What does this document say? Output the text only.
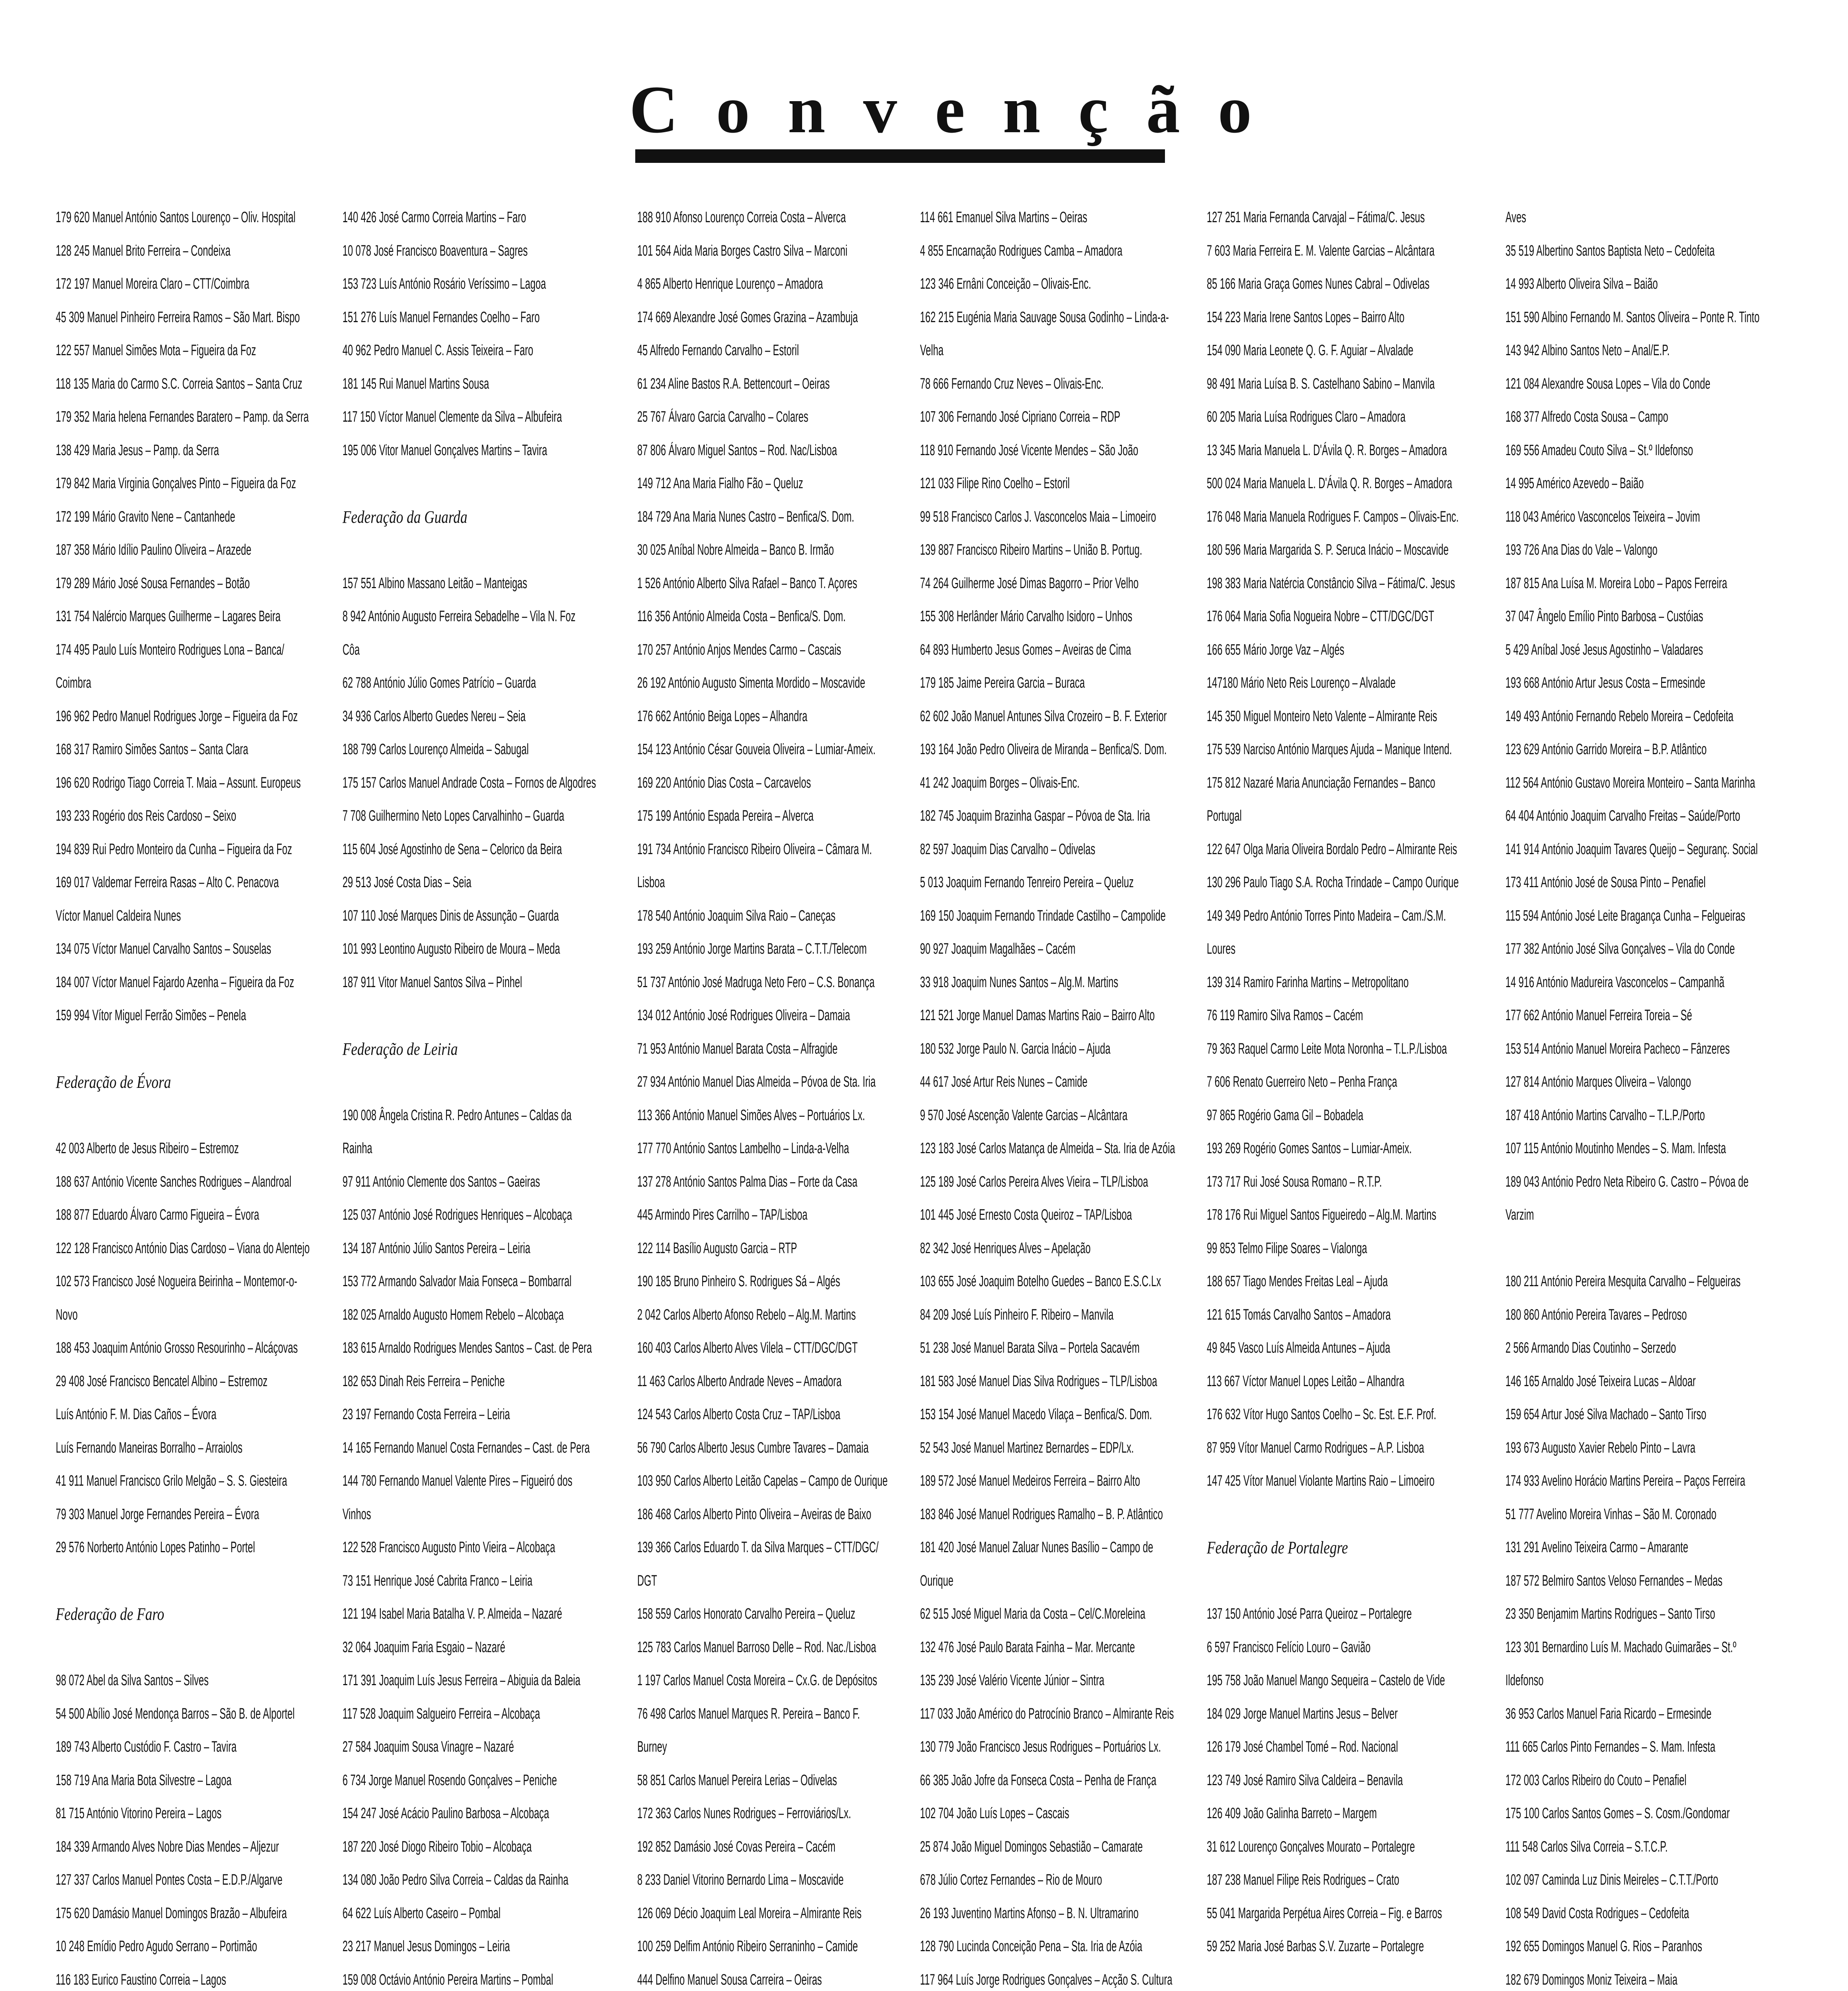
Convenção
179 620 Manuel António Santos Lourenço – Oliv. Hospital
128 245 Manuel Brito Ferreira – Condeixa
172 197 Manuel Moreira Claro – CTT/Coimbra
45 309 Manuel Pinheiro Ferreira Ramos – São Mart. Bispo
122 557 Manuel Simões Mota – Figueira da Foz
118 135 Maria do Carmo S.C. Correia Santos – Santa Cruz
179 352 Maria helena Fernandes Baratero – Pamp. da Serra
138 429 Maria Jesus – Pamp. da Serra
179 842 Maria Virginia Gonçalves Pinto – Figueira da Foz
172 199 Mário Gravito Nene – Cantanhede
187 358 Mário Idílio Paulino Oliveira – Arazede
179 289 Mário José Sousa Fernandes – Botão
131 754 Nalércio Marques Guilherme – Lagares Beira
174 495 Paulo Luís Monteiro Rodrigues Lona – Banca/
Coimbra
196 962 Pedro Manuel Rodrigues Jorge – Figueira da Foz
168 317 Ramiro Simões Santos – Santa Clara
196 620 Rodrigo Tiago Correia T. Maia – Assunt. Europeus
193 233 Rogério dos Reis Cardoso – Seixo
194 839 Rui Pedro Monteiro da Cunha – Figueira da Foz
169 017 Valdemar Ferreira Rasas – Alto C. Penacova
Víctor Manuel Caldeira Nunes
134 075 Víctor Manuel Carvalho Santos – Souselas
184 007 Víctor Manuel Fajardo Azenha – Figueira da Foz
159 994 Vítor Miguel Ferrão Simões – Penela
Federação de Évora
42 003 Alberto de Jesus Ribeiro – Estremoz
188 637 António Vicente Sanches Rodrigues – Alandroal
188 877 Eduardo Álvaro Carmo Figueira – Évora
122 128 Francisco António Dias Cardoso – Viana do Alentejo
102 573 Francisco José Nogueira Beirinha – Montemor-o-
Novo
188 453 Joaquim António Grosso Resourinho – Alcáçovas
29 408 José Francisco Bencatel Albino – Estremoz
Luís António F. M. Dias Caños – Évora
Luís Fernando Maneiras Borralho – Arraiolos
41 911 Manuel Francisco Grilo Melgão – S. S. Giesteira
79 303 Manuel Jorge Fernandes Pereira – Évora
29 576 Norberto António Lopes Patinho – Portel
Federação de Faro
98 072 Abel da Silva Santos – Silves
54 500 Abílio José Mendonça Barros – São B. de Alportel
189 743 Alberto Custódio F. Castro – Tavira
158 719 Ana Maria Bota Silvestre – Lagoa
81 715 António Vitorino Pereira – Lagos
184 339 Armando Alves Nobre Dias Mendes – Aljezur
127 337 Carlos Manuel Pontes Costa – E.D.P./Algarve
175 620 Damásio Manuel Domingos Brazão – Albufeira
10 248 Emídio Pedro Agudo Serrano – Portimão
116 183 Eurico Faustino Correia – Lagos
140 426 José Carmo Correia Martins – Faro
10 078 José Francisco Boaventura – Sagres
153 723 Luís António Rosário Veríssimo – Lagoa
151 276 Luís Manuel Fernandes Coelho – Faro
40 962 Pedro Manuel C. Assis Teixeira – Faro
181 145 Rui Manuel Martins Sousa
117 150 Víctor Manuel Clemente da Silva – Albufeira
195 006 Vitor Manuel Gonçalves Martins – Tavira
Federação da Guarda
157 551 Albino Massano Leitão – Manteigas
8 942 António Augusto Ferreira Sebadelhe – Vila N. Foz
Côa
62 788 António Júlio Gomes Patrício – Guarda
34 936 Carlos Alberto Guedes Nereu – Seia
188 799 Carlos Lourenço Almeida – Sabugal
175 157 Carlos Manuel Andrade Costa – Fornos de Algodres
7 708 Guilhermino Neto Lopes Carvalhinho – Guarda
115 604 José Agostinho de Sena – Celorico da Beira
29 513 José Costa Dias – Seia
107 110 José Marques Dinis de Assunção – Guarda
101 993 Leontino Augusto Ribeiro de Moura – Meda
187 911 Vitor Manuel Santos Silva – Pinhel
Federação de Leiria
190 008 Ângela Cristina R. Pedro Antunes – Caldas da
Rainha
97 911 António Clemente dos Santos – Gaeiras
125 037 António José Rodrigues Henriques – Alcobaça
134 187 António Júlio Santos Pereira – Leiria
153 772 Armando Salvador Maia Fonseca – Bombarral
182 025 Arnaldo Augusto Homem Rebelo – Alcobaça
183 615 Arnaldo Rodrigues Mendes Santos – Cast. de Pera
182 653 Dinah Reis Ferreira – Peniche
23 197 Fernando Costa Ferreira – Leiria
14 165 Fernando Manuel Costa Fernandes – Cast. de Pera
144 780 Fernando Manuel Valente Pires – Figueiró dos
Vinhos
122 528 Francisco Augusto Pinto Vieira – Alcobaça
73 151 Henrique José Cabrita Franco – Leiria
121 194 Isabel Maria Batalha V. P. Almeida – Nazaré
32 064 Joaquim Faria Esgaio – Nazaré
171 391 Joaquim Luís Jesus Ferreira – Abiguia da Baleia
117 528 Joaquim Salgueiro Ferreira – Alcobaça
27 584 Joaquim Sousa Vinagre – Nazaré
6 734 Jorge Manuel Rosendo Gonçalves – Peniche
154 247 José Acácio Paulino Barbosa – Alcobaça
187 220 José Diogo Ribeiro Tobio – Alcobaça
134 080 João Pedro Silva Correia – Caldas da Rainha
64 622 Luís Alberto Caseiro – Pombal
23 217 Manuel Jesus Domingos – Leiria
159 008 Octávio António Pereira Martins – Pombal
188 910 Afonso Lourenço Correia Costa – Alverca
101 564 Aida Maria Borges Castro Silva – Marconi
4 865 Alberto Henrique Lourenço – Amadora
174 669 Alexandre José Gomes Grazina – Azambuja
45 Alfredo Fernando Carvalho – Estoril
61 234 Aline Bastos R.A. Bettencourt – Oeiras
25 767 Álvaro Garcia Carvalho – Colares
87 806 Álvaro Miguel Santos – Rod. Nac/Lisboa
149 712 Ana Maria Fialho Fão – Queluz
184 729 Ana Maria Nunes Castro – Benfica/S. Dom.
30 025 Aníbal Nobre Almeida – Banco B. Irmão
1 526 António Alberto Silva Rafael – Banco T. Açores
116 356 António Almeida Costa – Benfica/S. Dom.
170 257 António Anjos Mendes Carmo – Cascais
26 192 António Augusto Simenta Mordido – Moscavide
176 662 António Beiga Lopes – Alhandra
154 123 António César Gouveia Oliveira – Lumiar-Ameix.
169 220 António Dias Costa – Carcavelos
175 199 António Espada Pereira – Alverca
191 734 António Francisco Ribeiro Oliveira – Câmara M.
Lisboa
178 540 António Joaquim Silva Raio – Caneças
193 259 António Jorge Martins Barata – C.T.T./Telecom
51 737 António José Madruga Neto Fero – C.S. Bonança
134 012 António José Rodrigues Oliveira – Damaia
71 953 António Manuel Barata Costa – Alfragide
27 934 António Manuel Dias Almeida – Póvoa de Sta. Iria
113 366 António Manuel Simões Alves – Portuários Lx.
177 770 António Santos Lambelho – Linda-a-Velha
137 278 António Santos Palma Dias – Forte da Casa
445 Armindo Pires Carrilho – TAP/Lisboa
122 114 Basílio Augusto Garcia – RTP
190 185 Bruno Pinheiro S. Rodrigues Sá – Algés
2 042 Carlos Alberto Afonso Rebelo – Alg.M. Martins
160 403 Carlos Alberto Alves Vilela – CTT/DGC/DGT
11 463 Carlos Alberto Andrade Neves – Amadora
124 543 Carlos Alberto Costa Cruz – TAP/Lisboa
56 790 Carlos Alberto Jesus Cumbre Tavares – Damaia
103 950 Carlos Alberto Leitão Capelas – Campo de Ourique
186 468 Carlos Alberto Pinto Oliveira – Aveiras de Baixo
139 366 Carlos Eduardo T. da Silva Marques – CTT/DGC/
DGT
158 559 Carlos Honorato Carvalho Pereira – Queluz
125 783 Carlos Manuel Barroso Delle – Rod. Nac./Lisboa
1 197 Carlos Manuel Costa Moreira – Cx.G. de Depósitos
76 498 Carlos Manuel Marques R. Pereira – Banco F.
Burney
58 851 Carlos Manuel Pereira Lerias – Odivelas
172 363 Carlos Nunes Rodrigues – Ferroviários/Lx.
192 852 Damásio José Covas Pereira – Cacém
8 233 Daniel Vitorino Bernardo Lima – Moscavide
126 069 Décio Joaquim Leal Moreira – Almirante Reis
100 259 Delfim António Ribeiro Serraninho – Camide
444 Delfino Manuel Sousa Carreira – Oeiras
114 661 Emanuel Silva Martins – Oeiras
4 855 Encarnação Rodrigues Camba – Amadora
123 346 Ernâni Conceição – Olivais-Enc.
162 215 Eugénia Maria Sauvage Sousa Godinho – Linda-a-
Velha
78 666 Fernando Cruz Neves – Olivais-Enc.
107 306 Fernando José Cipriano Correia – RDP
118 910 Fernando José Vicente Mendes – São João
121 033 Filipe Rino Coelho – Estoril
99 518 Francisco Carlos J. Vasconcelos Maia – Limoeiro
139 887 Francisco Ribeiro Martins – União B. Portug.
74 264 Guilherme José Dimas Bagorro – Prior Velho
155 308 Herlânder Mário Carvalho Isidoro – Unhos
64 893 Humberto Jesus Gomes – Aveiras de Cima
179 185 Jaime Pereira Garcia – Buraca
62 602 João Manuel Antunes Silva Crozeiro – B. F. Exterior
193 164 João Pedro Oliveira de Miranda – Benfica/S. Dom.
41 242 Joaquim Borges – Olivais-Enc.
182 745 Joaquim Brazinha Gaspar – Póvoa de Sta. Iria
82 597 Joaquim Dias Carvalho – Odivelas
5 013 Joaquim Fernando Tenreiro Pereira – Queluz
169 150 Joaquim Fernando Trindade Castilho – Campolide
90 927 Joaquim Magalhães – Cacém
33 918 Joaquim Nunes Santos – Alg.M. Martins
121 521 Jorge Manuel Damas Martins Raio – Bairro Alto
180 532 Jorge Paulo N. Garcia Inácio – Ajuda
44 617 José Artur Reis Nunes – Camide
9 570 José Ascenção Valente Garcias – Alcântara
123 183 José Carlos Matança de Almeida – Sta. Iria de Azóia
125 189 José Carlos Pereira Alves Vieira – TLP/Lisboa
101 445 José Ernesto Costa Queiroz – TAP/Lisboa
82 342 José Henriques Alves – Apelação
103 655 José Joaquim Botelho Guedes – Banco E.S.C.Lx
84 209 José Luís Pinheiro F. Ribeiro – Manvila
51 238 José Manuel Barata Silva – Portela Sacavém
181 583 José Manuel Dias Silva Rodrigues – TLP/Lisboa
153 154 José Manuel Macedo Vilaça – Benfica/S. Dom.
52 543 José Manuel Martinez Bernardes – EDP/Lx.
189 572 José Manuel Medeiros Ferreira – Bairro Alto
183 846 José Manuel Rodrigues Ramalho – B. P. Atlântico
181 420 José Manuel Zaluar Nunes Basílio – Campo de
Ourique
62 515 José Miguel Maria da Costa – Cel/C.Moreleina
132 476 José Paulo Barata Fainha – Mar. Mercante
135 239 José Valério Vicente Júnior – Sintra
117 033 João Américo do Patrocínio Branco – Almirante Reis
130 779 João Francisco Jesus Rodrigues – Portuários Lx.
66 385 João Jofre da Fonseca Costa – Penha de França
102 704 João Luís Lopes – Cascais
25 874 João Miguel Domingos Sebastião – Camarate
678 Júlio Cortez Fernandes – Rio de Mouro
26 193 Juventino Martins Afonso – B. N. Ultramarino
128 790 Lucinda Conceição Pena – Sta. Iria de Azóia
117 964 Luís Jorge Rodrigues Gonçalves – Acção S. Cultura
127 251 Maria Fernanda Carvajal – Fátima/C. Jesus
7 603 Maria Ferreira E. M. Valente Garcias – Alcântara
85 166 Maria Graça Gomes Nunes Cabral – Odivelas
154 223 Maria Irene Santos Lopes – Bairro Alto
154 090 Maria Leonete Q. G. F. Aguiar – Alvalade
98 491 Maria Luísa B. S. Castelhano Sabino – Manvila
60 205 Maria Luísa Rodrigues Claro – Amadora
13 345 Maria Manuela L. D'Ávila Q. R. Borges – Amadora
500 024 Maria Manuela L. D'Ávila Q. R. Borges – Amadora
176 048 Maria Manuela Rodrigues F. Campos – Olivais-Enc.
180 596 Maria Margarida S. P. Seruca Inácio – Moscavide
198 383 Maria Natércia Constâncio Silva – Fátima/C. Jesus
176 064 Maria Sofia Nogueira Nobre – CTT/DGC/DGT
166 655 Mário Jorge Vaz – Algés
147180 Mário Neto Reis Lourenço – Alvalade
145 350 Miguel Monteiro Neto Valente – Almirante Reis
175 539 Narciso António Marques Ajuda – Manique Intend.
175 812 Nazaré Maria Anunciação Fernandes – Banco
Portugal
122 647 Olga Maria Oliveira Bordalo Pedro – Almirante Reis
130 296 Paulo Tiago S.A. Rocha Trindade – Campo Ourique
149 349 Pedro António Torres Pinto Madeira – Cam./S.M.
Loures
139 314 Ramiro Farinha Martins – Metropolitano
76 119 Ramiro Silva Ramos – Cacém
79 363 Raquel Carmo Leite Mota Noronha – T.L.P./Lisboa
7 606 Renato Guerreiro Neto – Penha França
97 865 Rogério Gama Gil – Bobadela
193 269 Rogério Gomes Santos – Lumiar-Ameix.
173 717 Rui José Sousa Romano – R.T.P.
178 176 Rui Miguel Santos Figueiredo – Alg.M. Martins
99 853 Telmo Filipe Soares – Vialonga
188 657 Tiago Mendes Freitas Leal – Ajuda
121 615 Tomás Carvalho Santos – Amadora
49 845 Vasco Luís Almeida Antunes – Ajuda
113 667 Víctor Manuel Lopes Leitão – Alhandra
176 632 Vítor Hugo Santos Coelho – Sc. Est. E.F. Prof.
87 959 Vítor Manuel Carmo Rodrigues – A.P. Lisboa
147 425 Vítor Manuel Violante Martins Raio – Limoeiro
Federação de Portalegre
137 150 António José Parra Queiroz – Portalegre
6 597 Francisco Felício Louro – Gavião
195 758 João Manuel Mango Sequeira – Castelo de Vide
184 029 Jorge Manuel Martins Jesus – Belver
126 179 José Chambel Tomé – Rod. Nacional
123 749 José Ramiro Silva Caldeira – Benavila
126 409 João Galinha Barreto – Margem
31 612 Lourenço Gonçalves Mourato – Portalegre
187 238 Manuel Filipe Reis Rodrigues – Crato
55 041 Margarida Perpétua Aires Correia – Fig. e Barros
59 252 Maria José Barbas S.V. Zuzarte – Portalegre
Aves
35 519 Albertino Santos Baptista Neto – Cedofeita
14 993 Alberto Oliveira Silva – Baião
151 590 Albino Fernando M. Santos Oliveira – Ponte R. Tinto
143 942 Albino Santos Neto – Anal/E.P.
121 084 Alexandre Sousa Lopes – Vila do Conde
168 377 Alfredo Costa Sousa – Campo
169 556 Amadeu Couto Silva – St.º Ildefonso
14 995 Américo Azevedo – Baião
118 043 Américo Vasconcelos Teixeira – Jovim
193 726 Ana Dias do Vale – Valongo
187 815 Ana Luísa M. Moreira Lobo – Papos Ferreira
37 047 Ângelo Emílio Pinto Barbosa – Custóias
5 429 Aníbal José Jesus Agostinho – Valadares
193 668 António Artur Jesus Costa – Ermesinde
149 493 António Fernando Rebelo Moreira – Cedofeita
123 629 António Garrido Moreira – B.P. Atlântico
112 564 António Gustavo Moreira Monteiro – Santa Marinha
64 404 António Joaquim Carvalho Freitas – Saúde/Porto
141 914 António Joaquim Tavares Queijo – Seguranç. Social
173 411 António José de Sousa Pinto – Penafiel
115 594 António José Leite Bragança Cunha – Felgueiras
177 382 António José Silva Gonçalves – Vila do Conde
14 916 António Madureira Vasconcelos – Campanhã
177 662 António Manuel Ferreira Toreia – Sé
153 514 António Manuel Moreira Pacheco – Fânzeres
127 814 António Marques Oliveira – Valongo
187 418 António Martins Carvalho – T.L.P./Porto
107 115 António Moutinho Mendes – S. Mam. Infesta
189 043 António Pedro Neta Ribeiro G. Castro – Póvoa de
Varzim
180 211 António Pereira Mesquita Carvalho – Felgueiras
180 860 António Pereira Tavares – Pedroso
2 566 Armando Dias Coutinho – Serzedo
146 165 Arnaldo José Teixeira Lucas – Aldoar
159 654 Artur José Silva Machado – Santo Tirso
193 673 Augusto Xavier Rebelo Pinto – Lavra
174 933 Avelino Horácio Martins Pereira – Paços Ferreira
51 777 Avelino Moreira Vinhas – São M. Coronado
131 291 Avelino Teixeira Carmo – Amarante
187 572 Belmiro Santos Veloso Fernandes – Medas
23 350 Benjamim Martins Rodrigues – Santo Tirso
123 301 Bernardino Luís M. Machado Guimarães – St.º
Ildefonso
36 953 Carlos Manuel Faria Ricardo – Ermesinde
111 665 Carlos Pinto Fernandes – S. Mam. Infesta
172 003 Carlos Ribeiro do Couto – Penafiel
175 100 Carlos Santos Gomes – S. Cosm./Gondomar
111 548 Carlos Silva Correia – S.T.C.P.
102 097 Caminda Luz Dinis Meireles – C.T.T./Porto
108 549 David Costa Rodrigues – Cedofeita
192 655 Domingos Manuel G. Rios – Paranhos
182 679 Domingos Moniz Teixeira – Maia
